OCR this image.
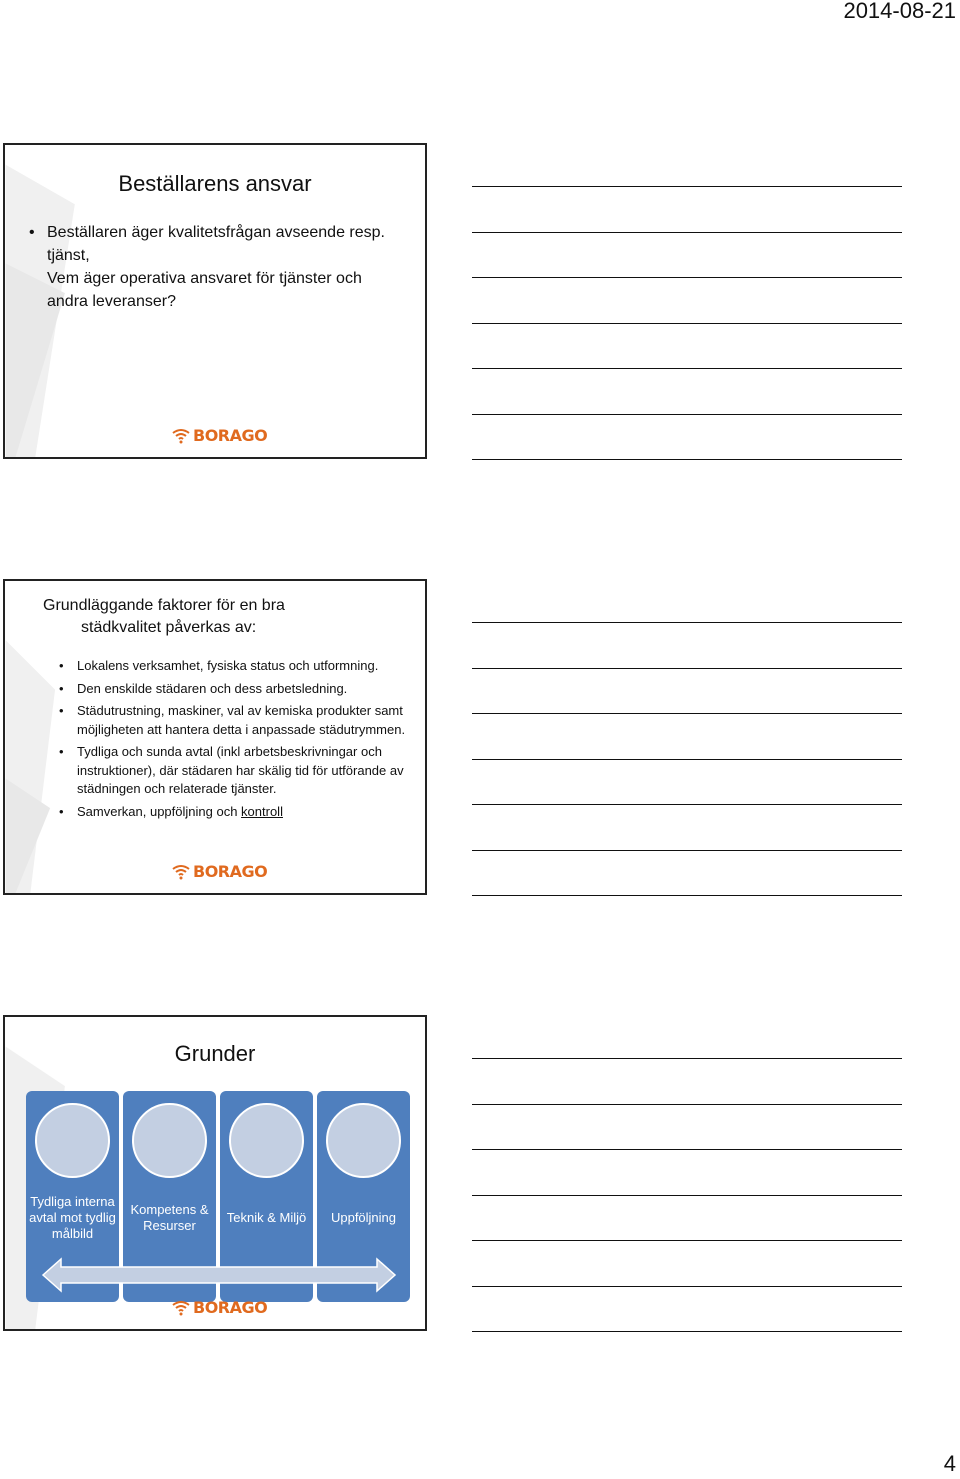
2014-08-21
Beställarens ansvar
• Beställaren äger kvalitetsfrågan avseende resp. tjänst,
Vem äger operativa ansvaret för tjänster och andra leveranser?
BORAGO
Grundläggande faktorer för en bra
städkvalitet påverkas av:
• Lokalens verksamhet, fysiska status och utformning.
• Den enskilde städaren och dess arbetsledning.
• Städutrustning, maskiner, val av kemiska produkter samt möjligheten att hantera detta i anpassade städutrymmen.
• Tydliga och sunda avtal (inkl arbetsbeskrivningar och instruktioner), där städaren har skälig tid för utförande av städningen och relaterade tjänster.
• Samverkan, uppföljning och kontroll
BORAGO
Grunder
Tydliga interna avtal mot tydlig målbild
Kompetens & Resurser
Teknik & Miljö	Uppföljning
BORAGO
4
